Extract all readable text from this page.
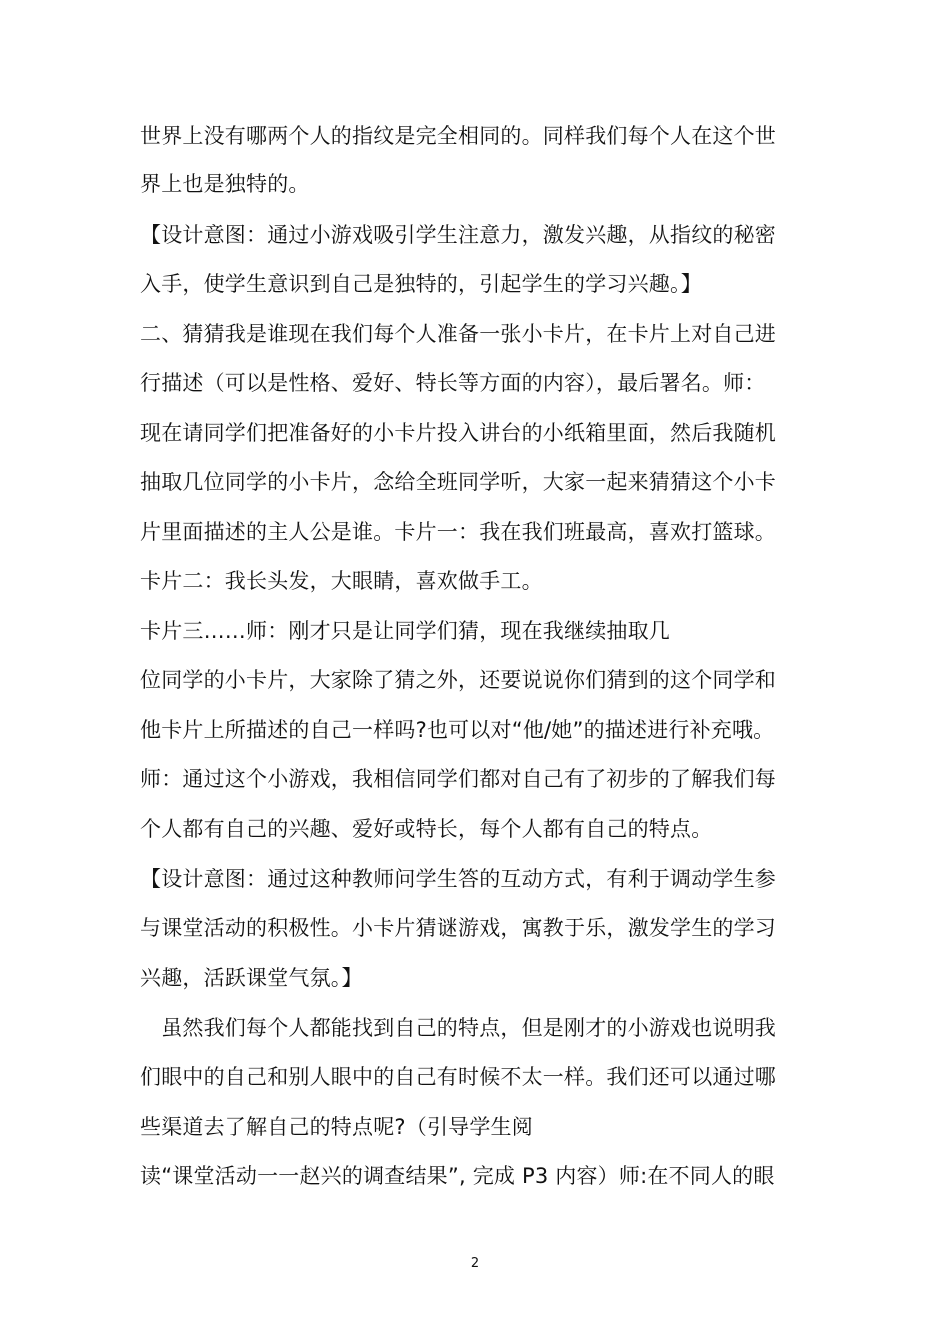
世界上没有哪两个人的指纹是完全相同的。同样我们每个人在这个世
界上也是独特的。
【设计意图：通过小游戏吸引学生注意力，激发兴趣，从指纹的秘密
入手，使学生意识到自己是独特的，引起学生的学习兴趣。】
二、猜猜我是谁现在我们每个人准备一张小卡片，在卡片上对自己进
行描述（可以是性格、爱好、特长等方面的内容），最后署名。师：
现在请同学们把准备好的小卡片投入讲台的小纸箱里面，然后我随机
抽取几位同学的小卡片，念给全班同学听，大家一起来猜猜这个小卡
片里面描述的主人公是谁。卡片一：我在我们班最高，喜欢打篮球。
卡片二：我长头发，大眼睛，喜欢做手工。
卡片三……师：刚才只是让同学们猜，现在我继续抽取几
位同学的小卡片，大家除了猜之外，还要说说你们猜到的这个同学和
他卡片上所描述的自己一样吗?也可以对“他/她”的描述进行补充哦。
师：通过这个小游戏，我相信同学们都对自己有了初步的了解我们每
个人都有自己的兴趣、爱好或特长，每个人都有自己的特点。
【设计意图：通过这种教师问学生答的互动方式，有利于调动学生参
与课堂活动的积极性。小卡片猜谜游戏，寓教于乐，激发学生的学习
兴趣，活跃课堂气氛。】
　虽然我们每个人都能找到自己的特点，但是刚才的小游戏也说明我
们眼中的自己和别人眼中的自己有时候不太一样。我们还可以通过哪
些渠道去了解自己的特点呢?（引导学生阅
读“课堂活动一一赵兴的调查结果”, 完成 P3 内容）师:在不同人的眼
2
